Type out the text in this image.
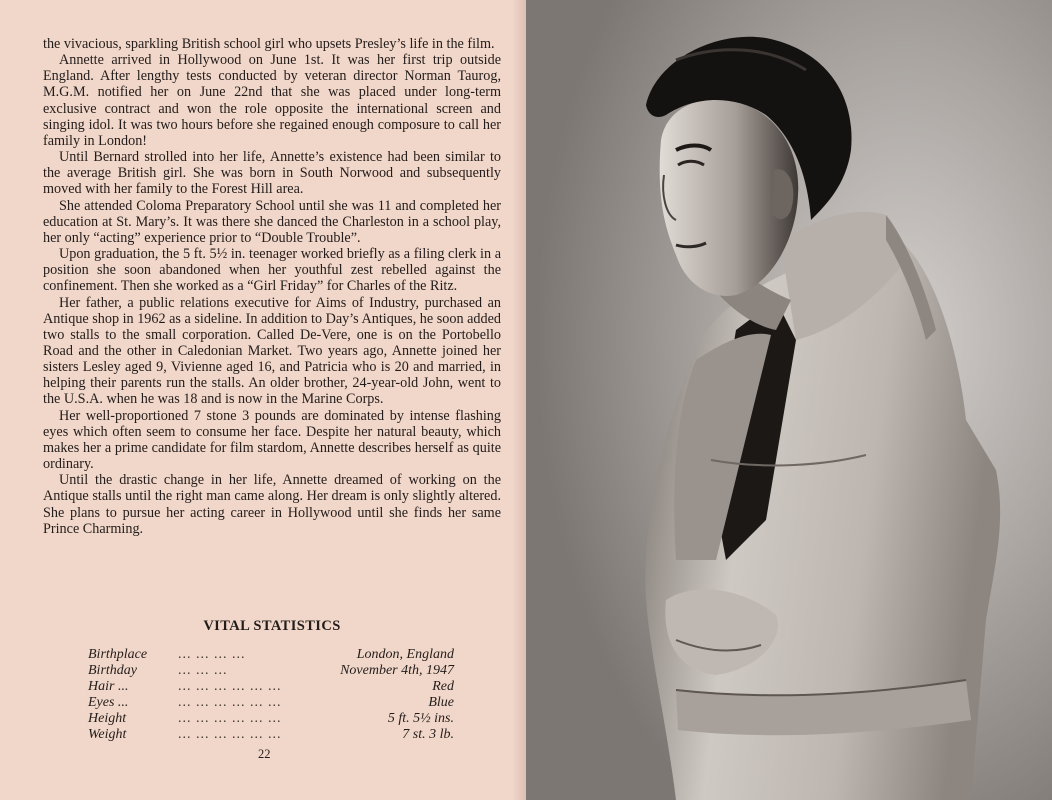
the vivacious, sparkling British school girl who upsets Presley’s life in the film.

Annette arrived in Hollywood on June 1st. It was her first trip outside England. After lengthy tests conducted by veteran director Norman Taurog, M.G.M. notified her on June 22nd that she was placed under long-term exclusive contract and won the role opposite the international screen and singing idol. It was two hours before she regained enough composure to call her family in London!

Until Bernard strolled into her life, Annette’s existence had been similar to the average British girl. She was born in South Norwood and subsequently moved with her family to the Forest Hill area.

She attended Coloma Preparatory School until she was 11 and completed her education at St. Mary’s. It was there she danced the Charleston in a school play, her only “acting” experience prior to “Double Trouble”.

Upon graduation, the 5 ft. 5½ in. teenager worked briefly as a filing clerk in a position she soon abandoned when her youthful zest rebelled against the confinement. Then she worked as a “Girl Friday” for Charles of the Ritz.

Her father, a public relations executive for Aims of Industry, purchased an Antique shop in 1962 as a sideline. In addition to Day’s Antiques, he soon added two stalls to the small corporation. Called De-Vere, one is on the Portobello Road and the other in Caledonian Market. Two years ago, Annette joined her sisters Lesley aged 9, Vivienne aged 16, and Patricia who is 20 and married, in helping their parents run the stalls. An older brother, 24-year-old John, went to the U.S.A. when he was 18 and is now in the Marine Corps.

Her well-proportioned 7 stone 3 pounds are dominated by intense flashing eyes which often seem to consume her face. Despite her natural beauty, which makes her a prime candidate for film stardom, Annette describes herself as quite ordinary.

Until the drastic change in her life, Annette dreamed of working on the Antique stalls until the right man came along. Her dream is only slightly altered. She plans to pursue her acting career in Hollywood until she finds her same Prince Charming.

VITAL STATISTICS
Birthplace ... ... ... ...	London, England
Birthday	... ... ...	November 4th, 1947
Hair ...	... ... ... ... ... ...	Red
Eyes ...	... ... ... ... ... ...	Blue
Height	... ... ... ... ... ...	5 ft. 5½ ins.
Weight	... ... ... ... ... ...	7 st. 3 lb.
22
